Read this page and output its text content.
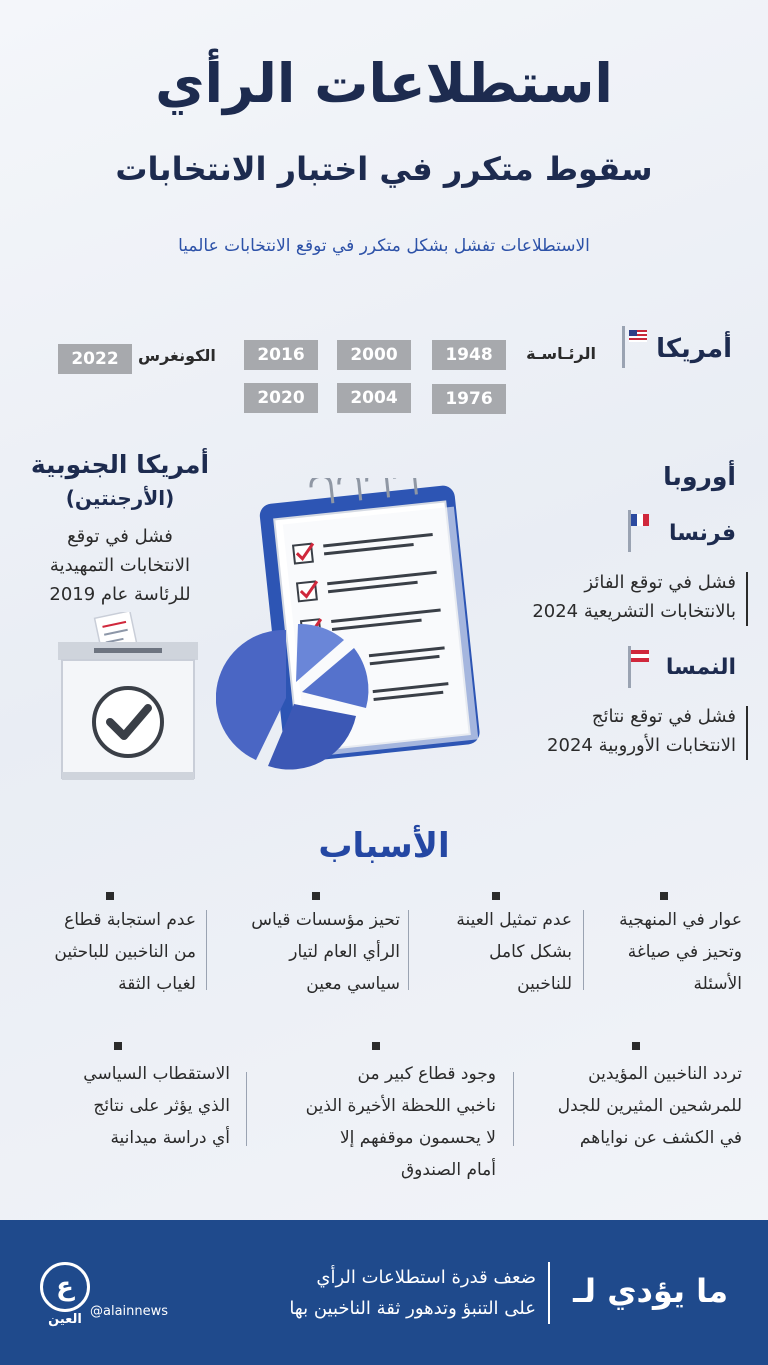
استطلاعات الرأي
سقوط متكرر في اختبار الانتخابات

الاستطلاعات تفشل بشكل متكرر في توقع الانتخابات عالميا

أمريكا
الرئـاسـة
1948
2000
2016
1976
2004
2020
الكونغرس
2022
أمريكا الجنوبية
(الأرجنتين)
فشل في توقع
الانتخابات التمهيدية
للرئاسة عام 2019
أوروبا
فرنسا
فشل في توقع الفائز
بالانتخابات التشريعية 2024
النمسا
فشل في توقع نتائج
الانتخابات الأوروبية 2024
الأسباب
عوار في المنهجية
وتحيز في صياغة
الأسئلة
عدم تمثيل العينة
بشكل كامل
للناخبين
تحيز مؤسسات قياس
الرأي العام لتيار
سياسي معين
عدم استجابة قطاع
من الناخبين للباحثين
لغياب الثقة
تردد الناخبين المؤيدين
للمرشحين المثيرين للجدل
في الكشف عن نواياهم
وجود قطاع كبير من
ناخبي اللحظة الأخيرة الذين
لا يحسمون موقفهم إلا
أمام الصندوق
الاستقطاب السياسي
الذي يؤثر على نتائج
أي دراسة ميدانية
ما يؤدي لـ
ضعف قدرة استطلاعات الرأي
على التنبؤ وتدهور ثقة الناخبين بها
ع
العين
@alainnews
